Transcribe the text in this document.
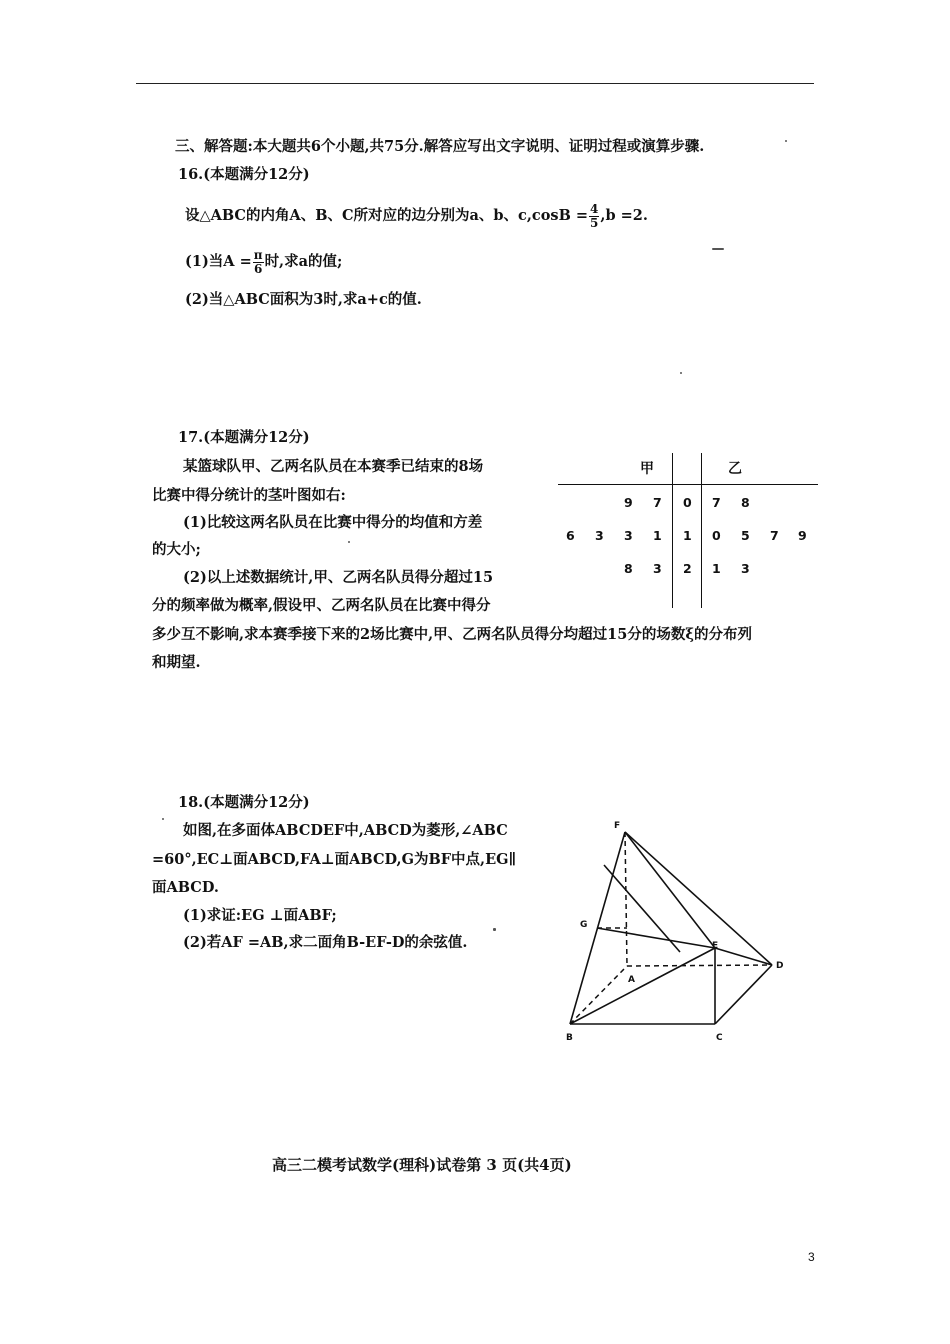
三、解答题:本大题共6个小题,共75分.解答应写出文字说明、证明过程或演算步骤.
16.(本题满分12分)
设△ABC的内角A、B、C所对应的边分别为a、b、$c,\cos B = \frac{4}{5} ,b =2$.
(1)当$A = \frac{\pi}{6}$ 时,求a的值;
(2)当△ABC面积为3时,求a+c的值.
17.(本题满分12分)
某篮球队甲、乙两名队员在本赛季已结束的8场
比赛中得分统计的茎叶图如右:
(1)比较这两名队员在比赛中得分的均值和方差
的大小;
(2)以上述数据统计,甲、乙两名队员得分超过15
分的频率做为概率,假设甲、乙两名队员在比赛中得分
多少互不影响,求本赛季接下来的2场比赛中,甲、乙两名队员得分均超过15分的场数ξ的分布列
和期望.
甲	乙
9 7 0 7 8
6 3 3 1 1 0 5 7 9
8 3 2 1 3
18.(本题满分12分)
如图,在多面体ABCDEF中,ABCD为菱形,∠ABC
=60°,EC⊥面ABCD,FA⊥面ABCD,G为BF中点,EG∥
面ABCD.
(1)求证:EG ⊥面ABF;
(2)若AF =AB,求二面角B-EF-D的余弦值.
F
G
E
A
D
B	C
高三二模考试数学(理科)试卷第 3 页(共4页)
3
